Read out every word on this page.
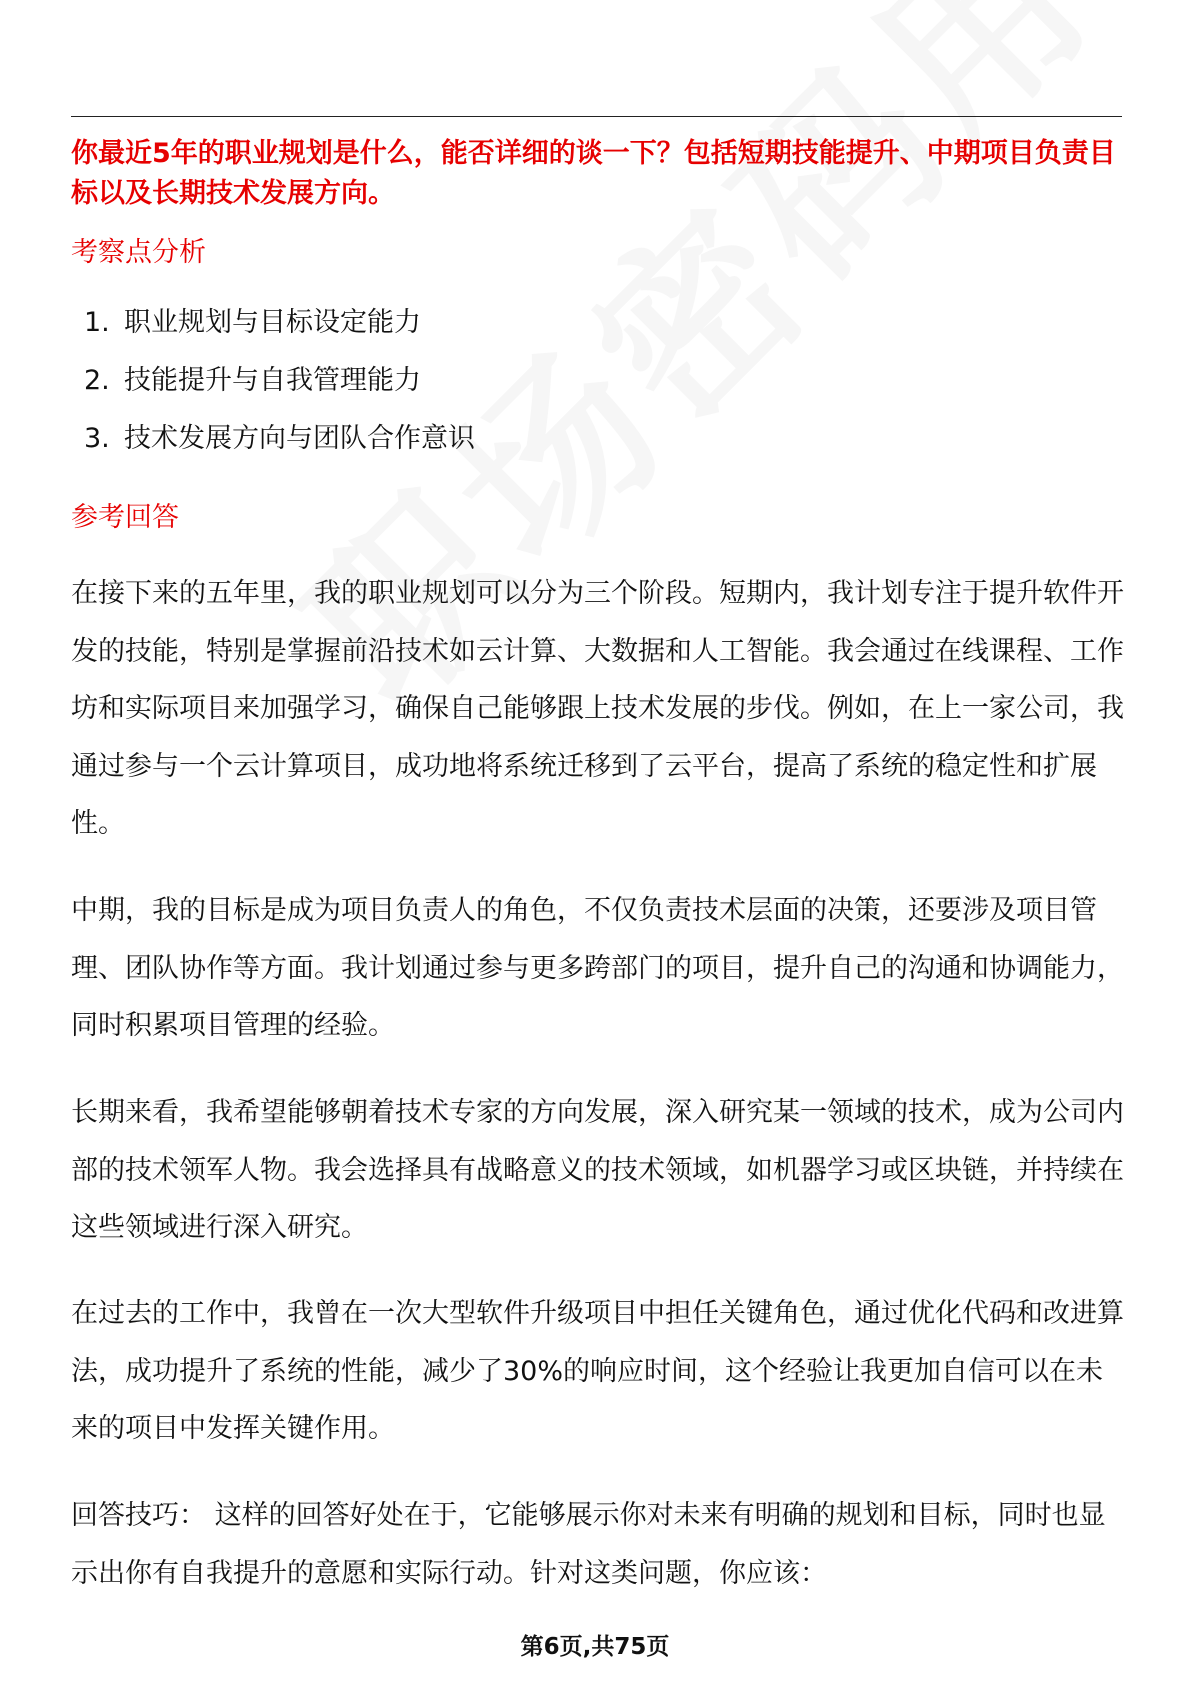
你最近5年的职业规划是什么，能否详细的谈一下？包括短期技能提升、中期项目负责目标以及长期技术发展方向。

考察点分析
1. 职业规划与目标设定能力
2. 技能提升与自我管理能力
3. 技术发展方向与团队合作意识
参考回答

在接下来的五年里，我的职业规划可以分为三个阶段。短期内，我计划专注于提升软件开发的技能，特别是掌握前沿技术如云计算、大数据和人工智能。我会通过在线课程、工作坊和实际项目来加强学习，确保自己能够跟上技术发展的步伐。例如，在上一家公司，我通过参与一个云计算项目，成功地将系统迁移到了云平台，提高了系统的稳定性和扩展性。

中期，我的目标是成为项目负责人的角色，不仅负责技术层面的决策，还要涉及项目管理、团队协作等方面。我计划通过参与更多跨部门的项目，提升自己的沟通和协调能力，同时积累项目管理的经验。

长期来看，我希望能够朝着技术专家的方向发展，深入研究某一领域的技术，成为公司内部的技术领军人物。我会选择具有战略意义的技术领域，如机器学习或区块链，并持续在这些领域进行深入研究。

在过去的工作中，我曾在一次大型软件升级项目中担任关键角色，通过优化代码和改进算法，成功提升了系统的性能，减少了30%的响应时间，这个经验让我更加自信可以在未来的项目中发挥关键作用。

回答技巧： 这样的回答好处在于，它能够展示你对未来有明确的规划和目标，同时也显示出你有自我提升的意愿和实际行动。针对这类问题，你应该：

第6页,共75页
